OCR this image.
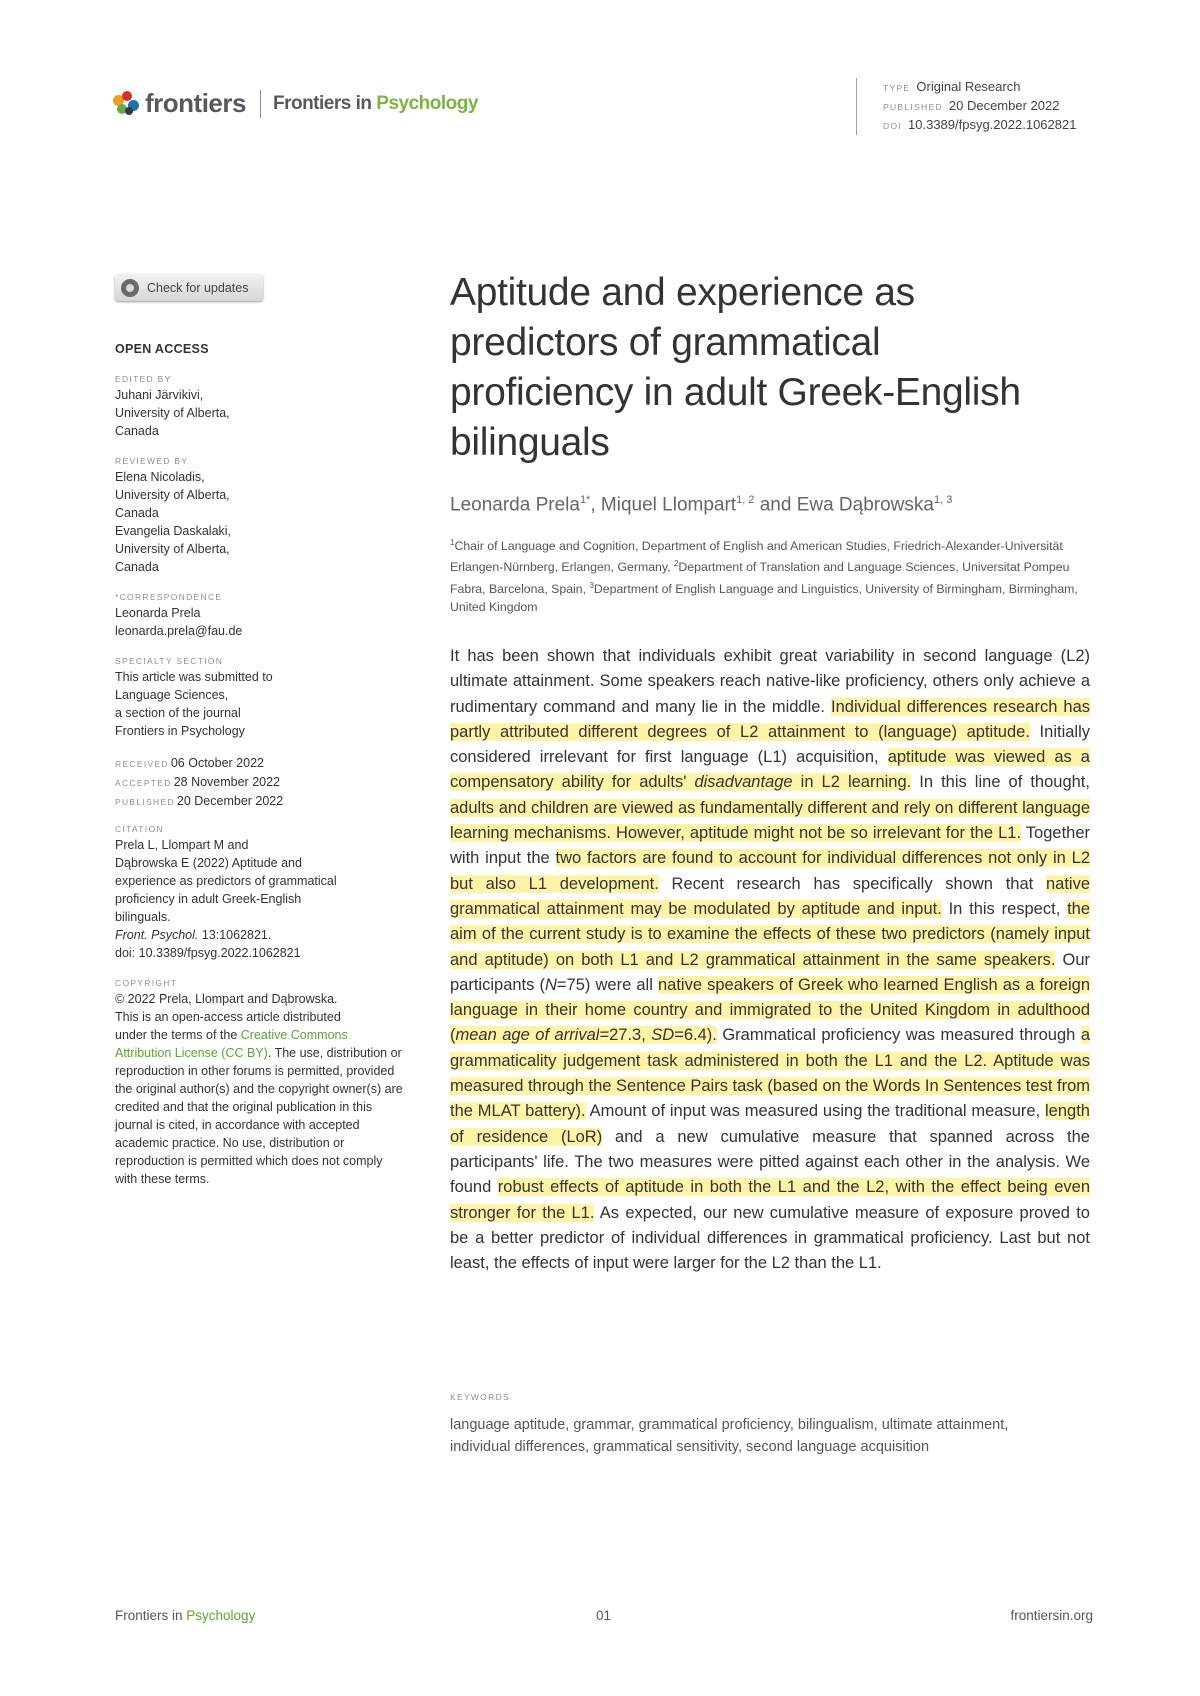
frontiers Frontiers in Psychology
TYPE Original Research
PUBLISHED 20 December 2022
DOI 10.3389/fpsyg.2022.1062821
Check for updates
OPEN ACCESS
EDITED BY
Juhani Järvikivi,
University of Alberta,
Canada
REVIEWED BY
Elena Nicoladis,
University of Alberta,
Canada
Evangelia Daskalaki,
University of Alberta,
Canada
*CORRESPONDENCE
Leonarda Prela
leonarda.prela@fau.de
SPECIALTY SECTION
This article was submitted to
Language Sciences,
a section of the journal
Frontiers in Psychology
RECEIVED 06 October 2022
ACCEPTED 28 November 2022
PUBLISHED 20 December 2022
CITATION
Prela L, Llompart M and
Dąbrowska E (2022) Aptitude and
experience as predictors of grammatical
proficiency in adult Greek-English
bilinguals.
Front. Psychol. 13:1062821.
doi: 10.3389/fpsyg.2022.1062821
COPYRIGHT
© 2022 Prela, Llompart and Dąbrowska.
This is an open-access article distributed
under the terms of the Creative Commons Attribution License (CC BY). The use, distribution or reproduction in other forums is permitted, provided the original author(s) and the copyright owner(s) are credited and that the original publication in this journal is cited, in accordance with accepted academic practice. No use, distribution or reproduction is permitted which does not comply with these terms.
Aptitude and experience as predictors of grammatical proficiency in adult Greek-English bilinguals
Leonarda Prela$^{1*}$, Miquel Llompart$^{1, 2}$ and Ewa Dąbrowska$^{1, 3}$
$^1$Chair of Language and Cognition, Department of English and American Studies, Friedrich-Alexander-Universität Erlangen-Nürnberg, Erlangen, Germany, $^2$Department of Translation and Language Sciences, Universitat Pompeu Fabra, Barcelona, Spain, $^3$Department of English Language and Linguistics, University of Birmingham, Birmingham, United Kingdom

It has been shown that individuals exhibit great variability in second language (L2) ultimate attainment. Some speakers reach native-like proficiency, others only achieve a rudimentary command and many lie in the middle. Individual differences research has partly attributed different degrees of L2 attainment to (language) aptitude. Initially considered irrelevant for first language (L1) acquisition, aptitude was viewed as a compensatory ability for adults' disadvantage in L2 learning. In this line of thought, adults and children are viewed as fundamentally different and rely on different language learning mechanisms. However, aptitude might not be so irrelevant for the L1. Together with input the two factors are found to account for individual differences not only in L2 but also L1 development. Recent research has specifically shown that native grammatical attainment may be modulated by aptitude and input. In this respect, the aim of the current study is to examine the effects of these two predictors (namely input and aptitude) on both L1 and L2 grammatical attainment in the same speakers. Our participants (N=75) were all native speakers of Greek who learned English as a foreign language in their home country and immigrated to the United Kingdom in adulthood (mean age of arrival=27.3, SD=6.4). Grammatical proficiency was measured through a grammaticality judgement task administered in both the L1 and the L2. Aptitude was measured through the Sentence Pairs task (based on the Words In Sentences test from the MLAT battery). Amount of input was measured using the traditional measure, length of residence (LoR) and a new cumulative measure that spanned across the participants' life. The two measures were pitted against each other in the analysis. We found robust effects of aptitude in both the L1 and the L2, with the effect being even stronger for the L1. As expected, our new cumulative measure of exposure proved to be a better predictor of individual differences in grammatical proficiency. Last but not least, the effects of input were larger for the L2 than the L1.

KEYWORDS
language aptitude, grammar, grammatical proficiency, bilingualism, ultimate attainment, individual differences, grammatical sensitivity, second language acquisition
Frontiers in Psychology	01	frontiersin.org
